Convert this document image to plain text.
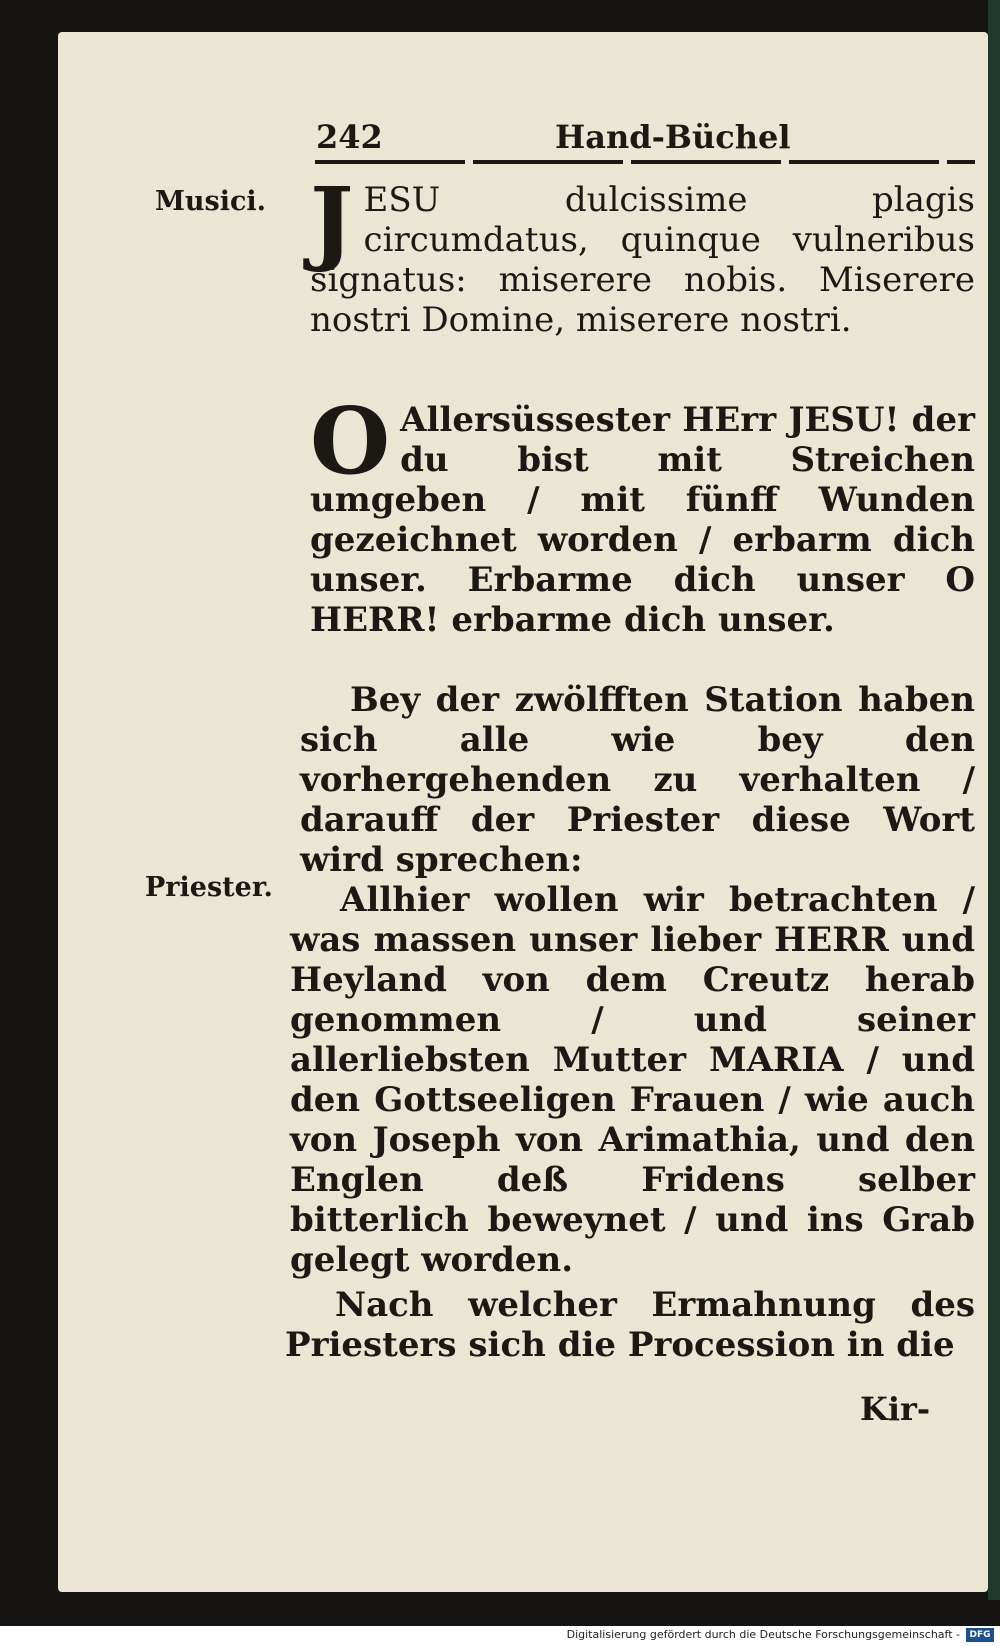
242	Hand-Büchel
Musici.
Priester.
J ESU dulcissime plagis circumdatus, quinque vulneribus signatus: miserere nobis. Miserere nostri Domine, miserere nostri.
O Allersüssester HErr JESU! der du bist mit Streichen umgeben / mit fünff Wunden gezeichnet worden / erbarm dich unser. Erbarme dich unser O HERR! erbarme dich unser.
Bey der zwölfften Station haben sich alle wie bey den vorhergehenden zu verhalten / darauff der Priester diese Wort wird sprechen:
Allhier wollen wir betrachten / was massen unser lieber HERR und Heyland von dem Creutz herab genommen / und seiner allerliebsten Mutter MARIA / und den Gottseeligen Frauen / wie auch von Joseph von Arimathia, und den Englen deß Fridens selber bitterlich beweynet / und ins Grab gelegt worden.
Nach welcher Ermahnung des Priesters sich die Procession in die
Kir-
Digitalisierung gefördert durch die Deutsche Forschungsgemeinschaft -	DFG
